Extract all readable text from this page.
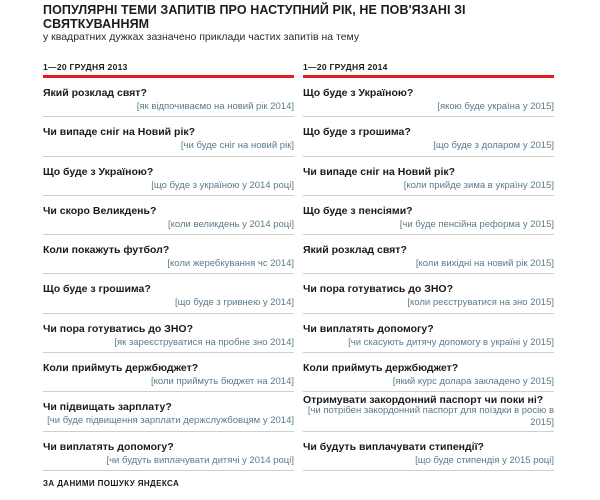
ПОПУЛЯРНІ ТЕМИ ЗАПИТІВ ПРО НАСТУПНИЙ РІК, НЕ ПОВ'ЯЗАНІ ЗІ СВЯТКУВАННЯМ
у квадратних дужках зазначено приклади частих запитів на тему
1—20 ГРУДНЯ 2013
Який розклад свят?
[як відпочиваємо на новий рік 2014]
Чи випаде сніг на Новий рік?
[чи буде сніг на новий рік]
Що буде з Україною?
[що буде з україною у 2014 році]
Чи скоро Великдень?
[коли великдень у 2014 році]
Коли покажуть футбол?
[коли жеребкування чс 2014]
Що буде з грошима?
[що буде з гривнею у 2014]
Чи пора готуватись до ЗНО?
[як зареєструватися на пробне зно 2014]
Коли приймуть держбюджет?
[коли приймуть бюджет на 2014]
Чи підвищать зарплату?
[чи буде підвищення зарплати держслужбовцям у 2014]
Чи виплатять допомогу?
[чи будуть виплачувати дитячі у 2014 році]
1—20 ГРУДНЯ 2014
Що буде з Україною?
[якою буде україна у 2015]
Що буде з грошима?
[що буде з доларом у 2015]
Чи випаде сніг на Новий рік?
[коли прийде зима в україну 2015]
Що буде з пенсіями?
[чи буде пенсійна реформа у 2015]
Який розклад свят?
[коли вихідні на новий рік 2015]
Чи пора готуватись до ЗНО?
[коли реєструватися на зно 2015]
Чи виплатять допомогу?
[чи скасують дитячу допомогу в україні у 2015]
Коли приймуть держбюджет?
[який курс долара закладено у 2015]
Отримувати закордонний паспорт чи поки ні?
[чи потрібен закордонний паспорт для поїздки в росію в 2015]
Чи будуть виплачувати стипендії?
[що буде стипендія у 2015 році]
ЗА ДАНИМИ ПОШУКУ ЯНДЕКСА
